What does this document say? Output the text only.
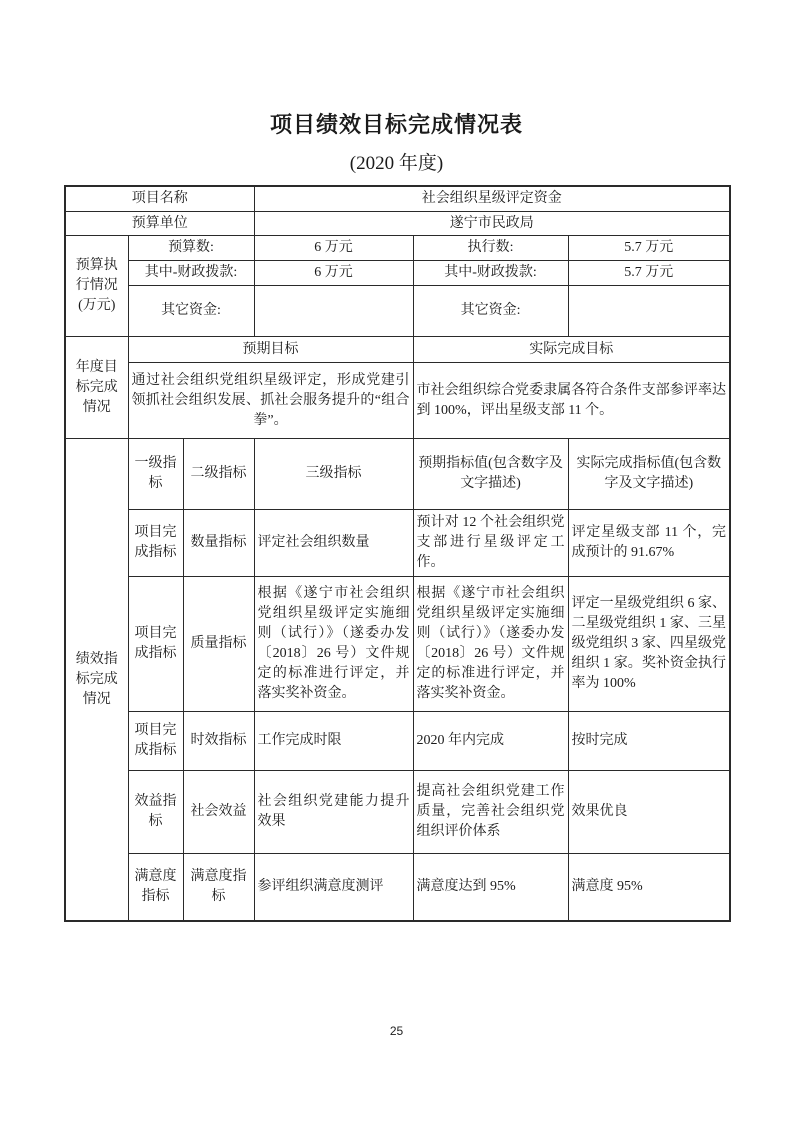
项目绩效目标完成情况表
(2020 年度)
项目名称			社会组织星级评定资金		
预算单位			遂宁市民政局		
预算执行情况(万元)	预算数:		6 万元	执行数:	5.7 万元
	其中-财政拨款:		6 万元	其中-财政拨款:	5.7 万元
	其它资金:			其它资金:	
年度目标完成情况	预期目标			实际完成目标	
	通过社会组织党组织星级评定，形成党建引领抓社会组织发展、抓社会服务提升的“组合拳”。			市社会组织综合党委隶属各符合条件支部参评率达到 100%，评出星级支部 11 个。	
绩效指标完成情况	一级指标	二级指标	三级指标	预期指标值(包含数字及文字描述)	实际完成指标值(包含数字及文字描述)
	项目完成指标	数量指标	评定社会组织数量	预计对 12 个社会组织党支部进行星级评定工作。	评定星级支部 11 个，完成预计的 91.67%
	项目完成指标	质量指标	根据《遂宁市社会组织党组织星级评定实施细则（试行）》（遂委办发〔2018〕26 号）文件规定的标准进行评定，并落实奖补资金。	根据《遂宁市社会组织党组织星级评定实施细则（试行）》（遂委办发〔2018〕26 号）文件规定的标准进行评定，并落实奖补资金。	评定一星级党组织 6 家、二星级党组织 1 家、三星级党组织 3 家、四星级党组织 1 家。奖补资金执行率为 100%
	项目完成指标	时效指标	工作完成时限	2020 年内完成	按时完成
	效益指标	社会效益	社会组织党建能力提升效果	提高社会组织党建工作质量，完善社会组织党组织评价体系	效果优良
	满意度指标	满意度指标	参评组织满意度测评	满意度达到 95%	满意度 95%
25
